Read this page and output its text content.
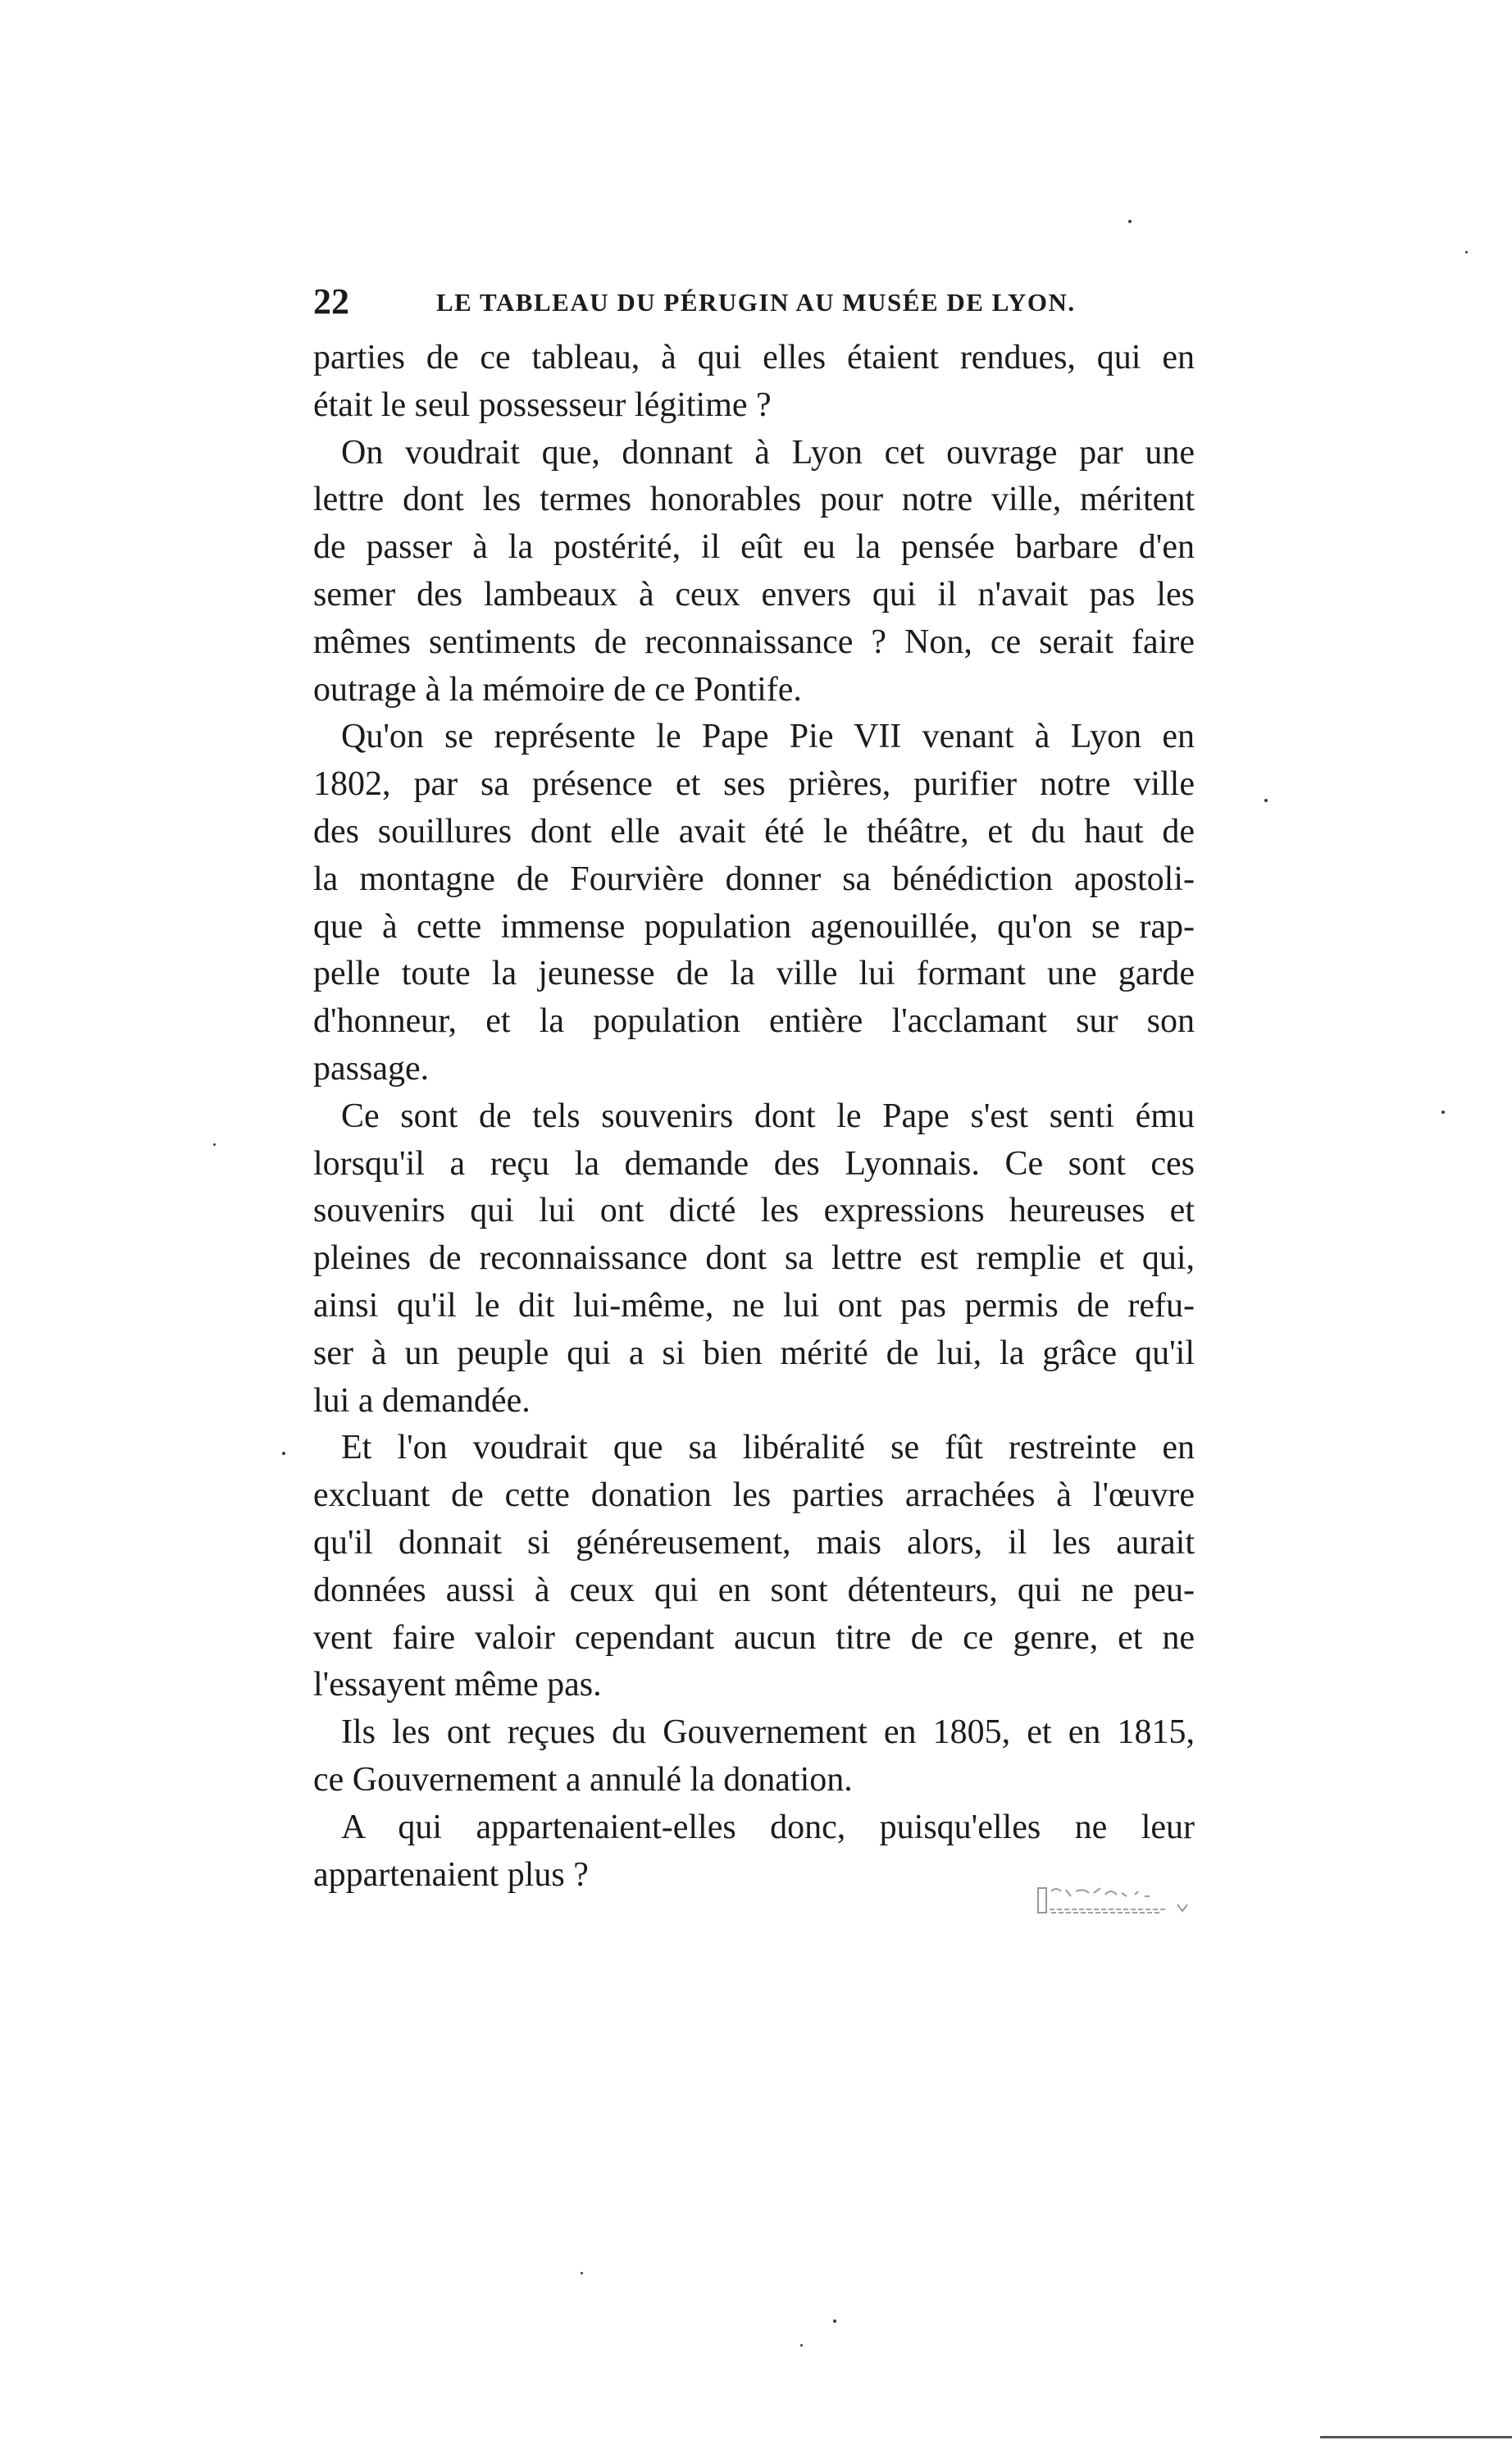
22	LE TABLEAU DU PÉRUGIN AU MUSÉE DE LYON.
parties de ce tableau, à qui elles étaient rendues, qui en
était le seul possesseur légitime ?
On voudrait que, donnant à Lyon cet ouvrage par une
lettre dont les termes honorables pour notre ville, méritent
de passer à la postérité, il eût eu la pensée barbare d'en
semer des lambeaux à ceux envers qui il n'avait pas les
mêmes sentiments de reconnaissance ? Non, ce serait faire
outrage à la mémoire de ce Pontife.
Qu'on se représente le Pape Pie VII venant à Lyon en
1802, par sa présence et ses prières, purifier notre ville
des souillures dont elle avait été le théâtre, et du haut de
la montagne de Fourvière donner sa bénédiction apostoli-
que à cette immense population agenouillée, qu'on se rap-
pelle toute la jeunesse de la ville lui formant une garde
d'honneur, et la population entière l'acclamant sur son
passage.
Ce sont de tels souvenirs dont le Pape s'est senti ému
lorsqu'il a reçu la demande des Lyonnais. Ce sont ces
souvenirs qui lui ont dicté les expressions heureuses et
pleines de reconnaissance dont sa lettre est remplie et qui,
ainsi qu'il le dit lui-même, ne lui ont pas permis de refu-
ser à un peuple qui a si bien mérité de lui, la grâce qu'il
lui a demandée.
Et l'on voudrait que sa libéralité se fût restreinte en
excluant de cette donation les parties arrachées à l'œuvre
qu'il donnait si généreusement, mais alors, il les aurait
données aussi à ceux qui en sont détenteurs, qui ne peu-
vent faire valoir cependant aucun titre de ce genre, et ne
l'essayent même pas.
Ils les ont reçues du Gouvernement en 1805, et en 1815,
ce Gouvernement a annulé la donation.
A qui appartenaient-elles donc, puisqu'elles ne leur
appartenaient plus ?
